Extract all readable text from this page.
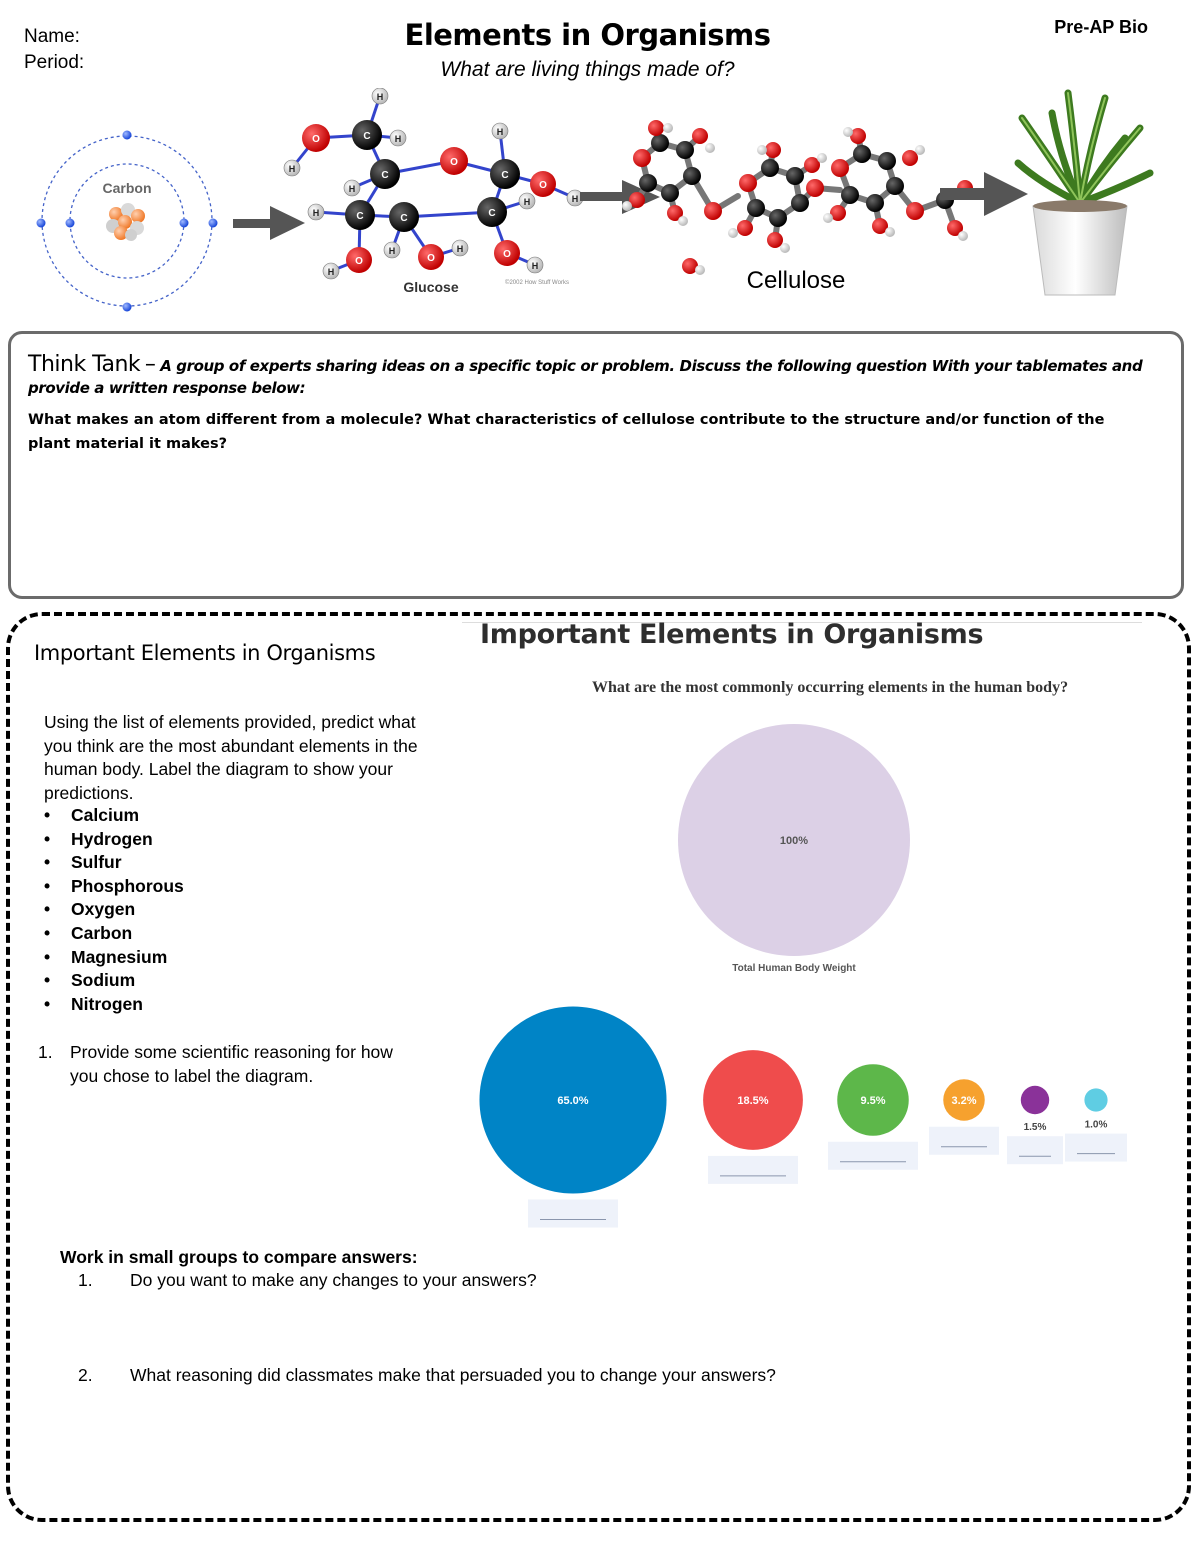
Name:
Period:
Elements in Organisms
What are living things made of?
Pre-AP Bio
Carbon
H
H
H
H
H
H
H	H
H
H
H
H
O
O
O
O	O	O
C
C	C
C	C	C
Glucose	©2002 How Stuff Works	Cellulose
Think Tank – A group of experts sharing ideas on a specific topic or problem. Discuss the following question With your tablemates and provide a written response below:
What makes an atom different from a molecule? What characteristics of cellulose contribute to the structure and/or function of the plant material it makes?
Important Elements in Organisms
Using the list of elements provided, predict what you think are the most abundant elements in the human body. Label the diagram to show your predictions.
• Calcium
• Hydrogen
• Sulfur
• Phosphorous
• Oxygen
• Carbon
• Magnesium
• Sodium
• Nitrogen
1. Provide some scientific reasoning for how you chose to label the diagram.
Important Elements in Organisms
What are the most commonly occurring elements in the human body?
100%
Total Human Body Weight
65.0%	18.5%	9.5%	3.2%
1.5%	1.0%
Work in small groups to compare answers:
1. Do you want to make any changes to your answers?
2. What reasoning did classmates make that persuaded you to change your answers?
